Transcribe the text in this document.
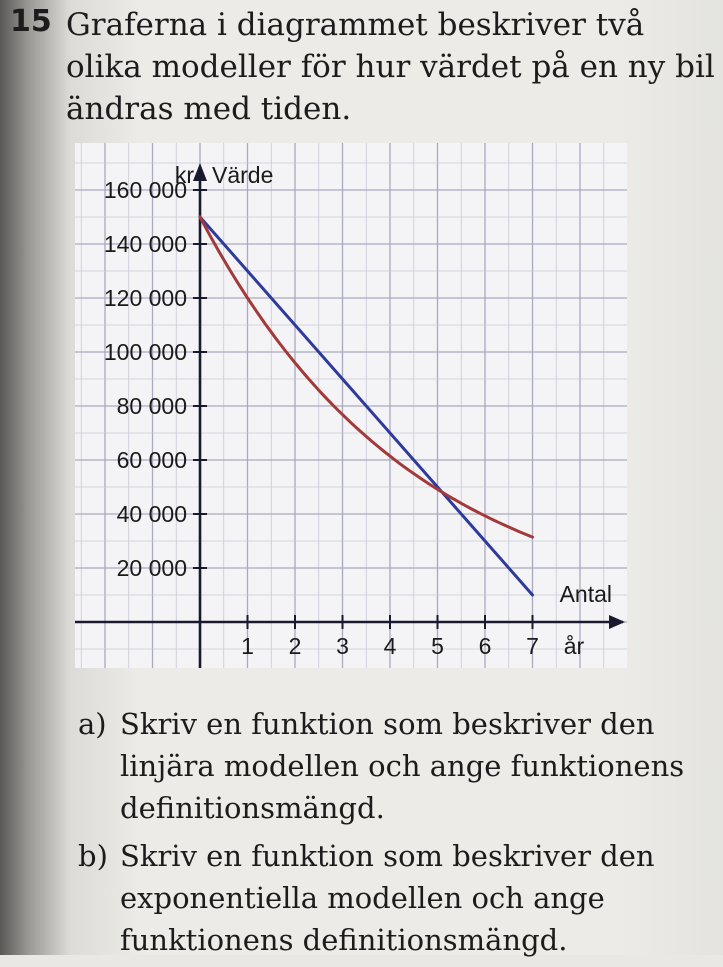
15 Graferna i diagrammet beskriver två olika modeller för hur värdet på en ny bil ändras med tiden.
1 2 3 4 5 6 7
20 000
40 000
60 000
80 000
100 000
120 000
140 000
160 000
kr Värde
Antal
år
a) Skriv en funktion som beskriver den linjära modellen och ange funktionens definitionsmängd.
b) Skriv en funktion som beskriver den exponentiella modellen och ange funktionens definitionsmängd.
